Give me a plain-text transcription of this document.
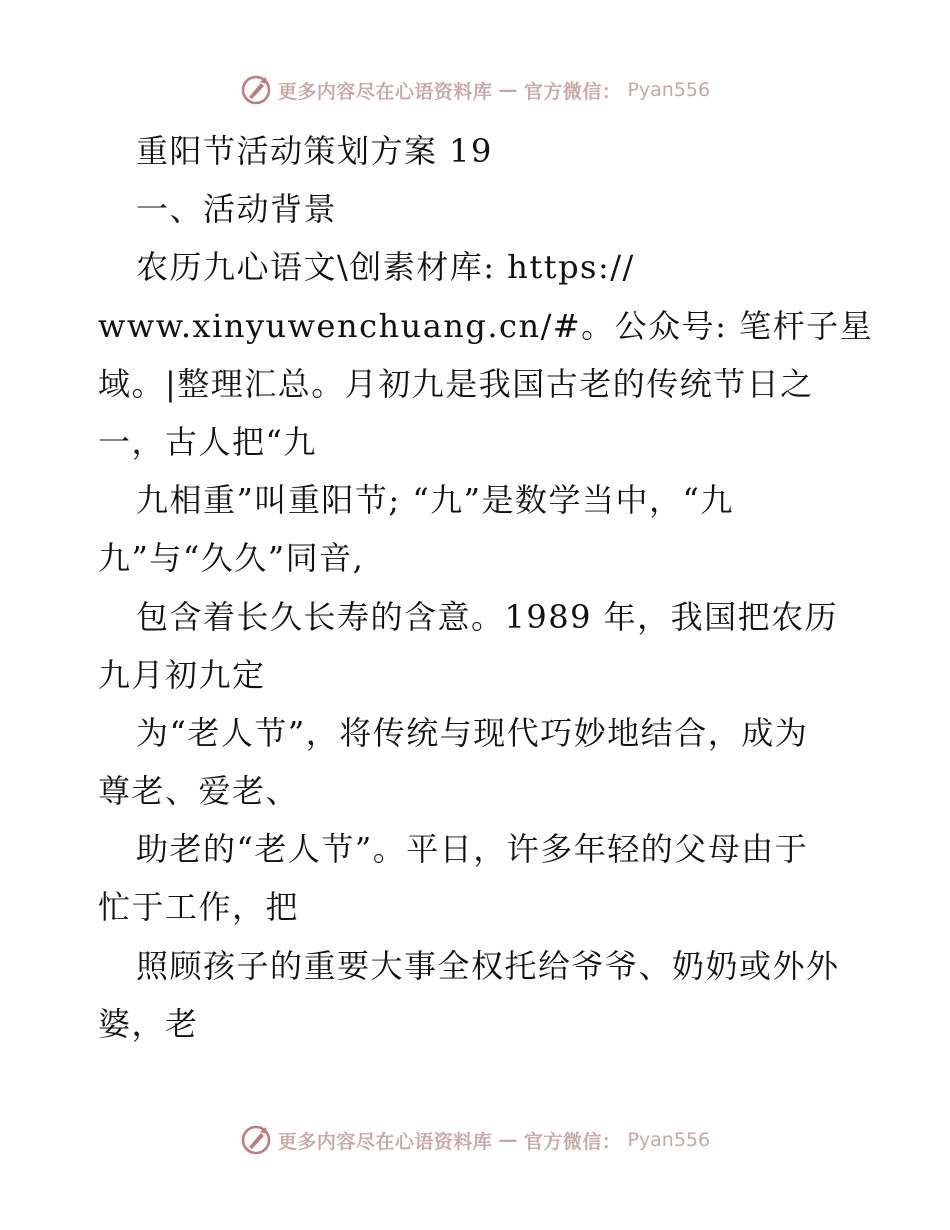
更多内容尽在心语资料库 — 官方微信： Pyan556
重阳节活动策划方案 19
一、活动背景
农历九心语文\创素材库: https://
www.xinyuwenchuang.cn/#。公众号: 笔杆子星
域。|整理汇总。月初九是我国古老的传统节日之
一，古人把“九
九相重”叫重阳节; “九”是数学当中，“九
九”与“久久”同音,
包含着长久长寿的含意。1989 年，我国把农历
九月初九定
为“老人节”，将传统与现代巧妙地结合，成为
尊老、爱老、
助老的“老人节”。平日，许多年轻的父母由于
忙于工作，把
照顾孩子的重要大事全权托给爷爷、奶奶或外外
婆，老
更多内容尽在心语资料库 — 官方微信： Pyan556
